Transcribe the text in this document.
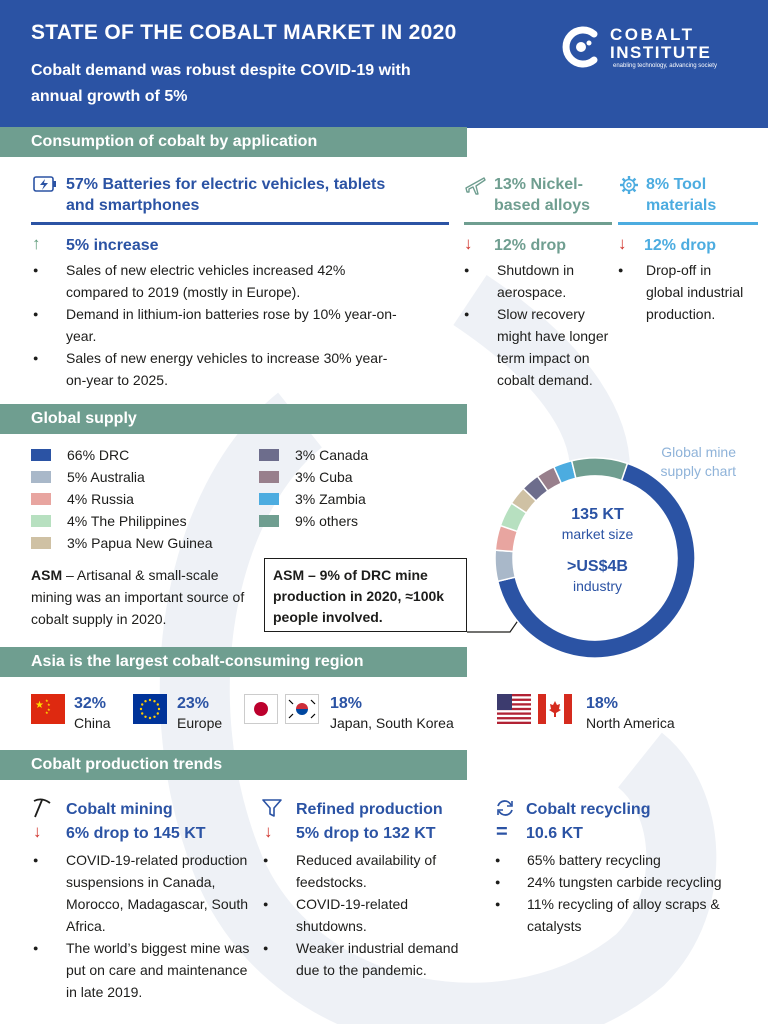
STATE OF THE COBALT MARKET IN 2020
Cobalt demand was robust despite COVID-19 with annual growth of 5%
COBALT
INSTITUTE
enabling technology, advancing society
Consumption of cobalt by application
57% Batteries for electric vehicles, tablets and smartphones
↑ 5% increase
● Sales of new electric vehicles increased 42% compared to 2019 (mostly in Europe).
● Demand in lithium-ion batteries rose by 10% year-on-year.
● Sales of new energy vehicles to increase 30% year-on-year to 2025.
13% Nickel-based alloys
↓ 12% drop
● Shutdown in aerospace.
● Slow recovery might have longer term impact on cobalt demand.
8% Tool materials
↓ 12% drop
● Drop-off in global industrial production.
Global supply
66% DRC
5% Australia
4% Russia
4% The Philippines
3% Papua New Guinea
3% Canada
3% Cuba
3% Zambia
9% others
ASM – Artisanal & small-scale mining was an important source of cobalt supply in 2020.
ASM – 9% of DRC mine production in 2020, ≈100k people involved.
Global mine supply chart
135 KT
market size
>US$4B
industry
Asia is the largest cobalt-consuming region
★ ★
★
★
★
32%
China
23%
Europe
18%
Japan, South Korea
18%
North America
Cobalt production trends
Cobalt mining
↓ 6% drop to 145 KT
● COVID-19-related production suspensions in Canada, Morocco, Madagascar, South Africa.
● The world’s biggest mine was put on care and maintenance in late 2019.
Refined production
↓ 5% drop to 132 KT
● Reduced availability of feedstocks.
● COVID-19-related shutdowns.
● Weaker industrial demand due to the pandemic.
Cobalt recycling
= 10.6 KT
● 65% battery recycling
● 24% tungsten carbide recycling
● 11% recycling of alloy scraps & catalysts
